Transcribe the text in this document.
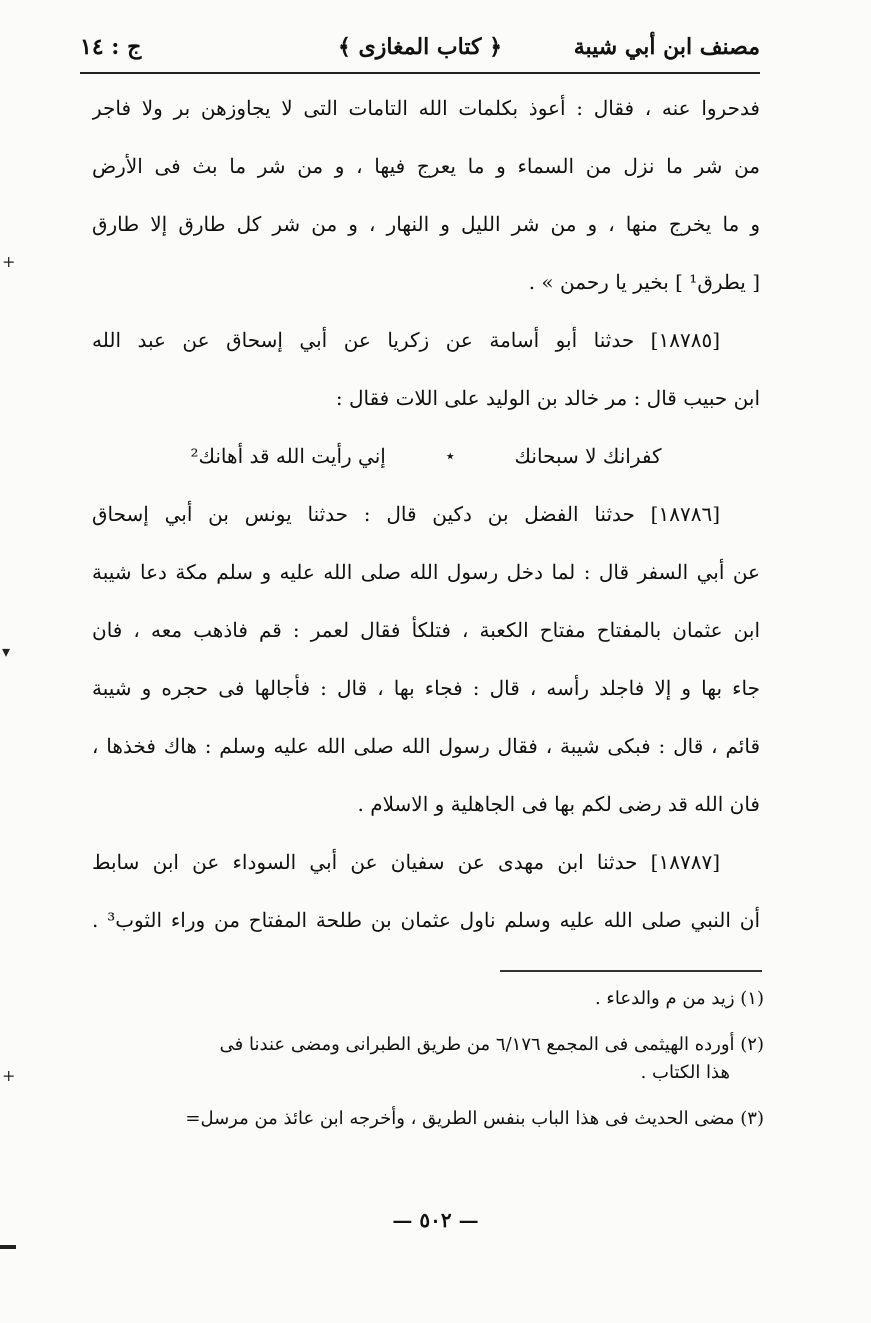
مصنف ابن أبي شيبة
﴿ كتاب المغازى ﴾
ج : ١٤
فدحروا عنه ، فقال : أعوذ بكلمات الله التامات التى لا يجاوزهن بر ولا فاجر
من شر ما نزل من السماء و ما يعرج فيها ، و من شر ما بث فى الأرض
و ما يخرج منها ، و من شر الليل و النهار ، و من شر كل طارق إلا طارق
[ يطرق¹ ] بخير يا رحمن » .
[١٨٧٨٥] حدثنا أبو أسامة عن زكريا عن أبي إسحاق عن عبد الله
ابن حبيب قال : مر خالد بن الوليد على اللات فقال :
كفرانك لا سبحانك
٭
إني رأيت الله قد أهانك²
[١٨٧٨٦] حدثنا الفضل بن دكين قال : حدثنا يونس بن أبي إسحاق
عن أبي السفر قال : لما دخل رسول الله صلى الله عليه و سلم مكة دعا شيبة
ابن عثمان بالمفتاح مفتاح الكعبة ، فتلكأ فقال لعمر : قم فاذهب معه ، فان
جاء بها و إلا فاجلد رأسه ، قال : فجاء بها ، قال : فأجالها فى حجره و شيبة
قائم ، قال : فبكى شيبة ، فقال رسول الله صلى الله عليه وسلم : هاك فخذها ،
فان الله قد رضى لكم بها فى الجاهلية و الاسلام .
[١٨٧٨٧] حدثنا ابن مهدى عن سفيان عن أبي السوداء عن ابن سابط
أن النبي صلى الله عليه وسلم ناول عثمان بن طلحة المفتاح من وراء الثوب³ .
(١) زيد من م والدعاء .
(٢) أورده الهيثمى فى المجمع ٦/١٧٦ من طريق الطبرانى ومضى عندنا فى
هذا الكتاب .
(٣) مضى الحديث فى هذا الباب بنفس الطريق ، وأخرجه ابن عائذ من مرسل=
— ٥٠٢ —
+
▾
+
